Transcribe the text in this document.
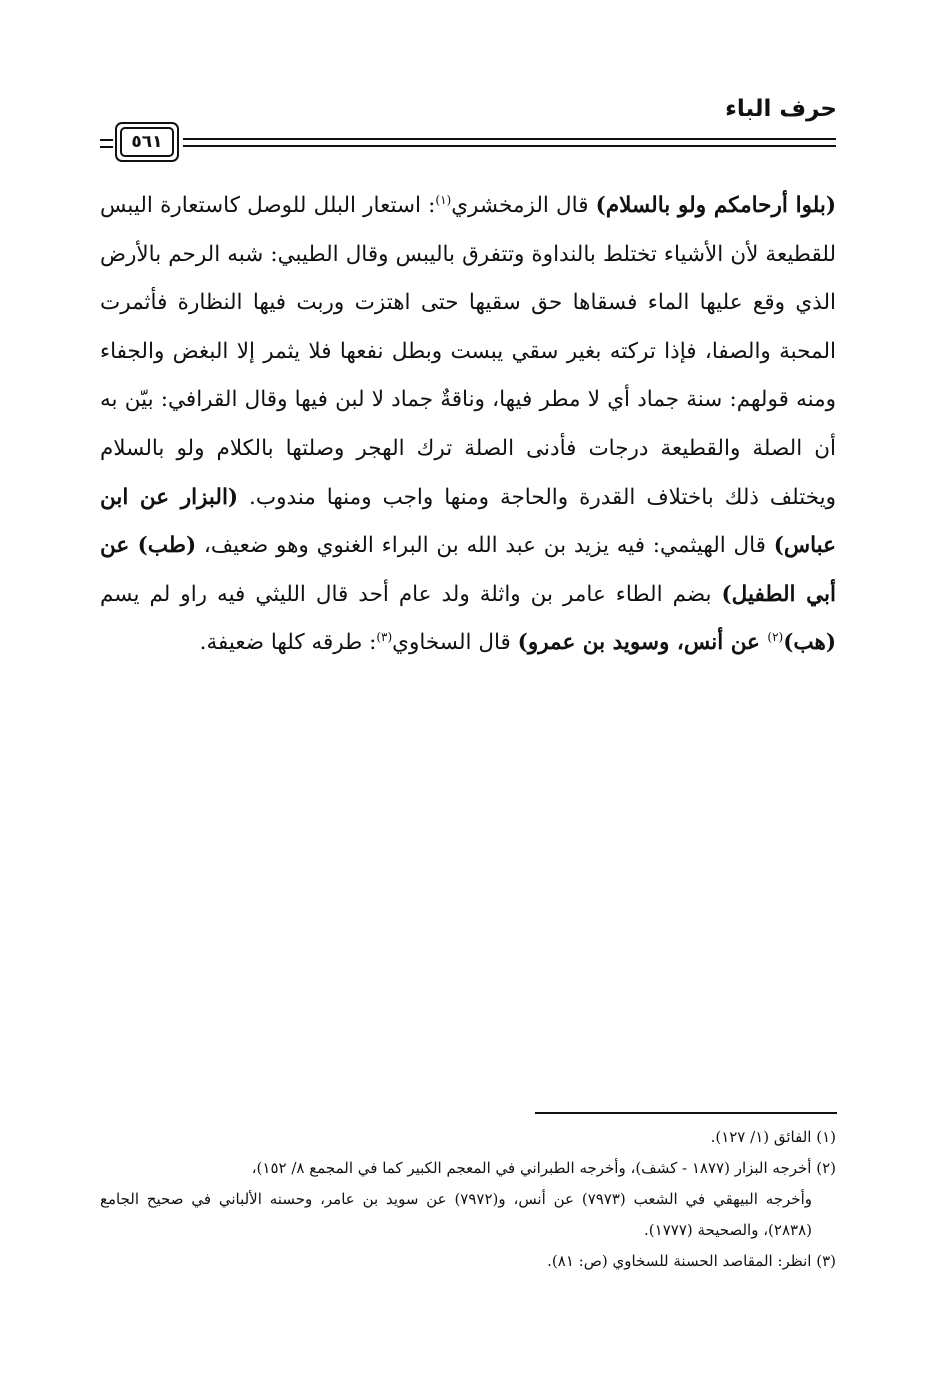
حرف الباء
٥٦١
(بلوا أرحامكم ولو بالسلام) قال الزمخشري$^{(١)}$: استعار البلل للوصل كاستعارة اليبس للقطيعة لأن الأشياء تختلط بالنداوة وتتفرق باليبس وقال الطيبي: شبه الرحم بالأرض الذي وقع عليها الماء فسقاها حق سقيها حتى اهتزت وربت فيها النظارة فأثمرت المحبة والصفا، فإذا تركته بغير سقي يبست وبطل نفعها فلا يثمر إلا البغض والجفاء ومنه قولهم: سنة جماد أي لا مطر فيها، وناقةٌ جماد لا لبن فيها وقال القرافي: بيّن به أن الصلة والقطيعة درجات فأدنى الصلة ترك الهجر وصلتها بالكلام ولو بالسلام ويختلف ذلك باختلاف القدرة والحاجة ومنها واجب ومنها مندوب. (البزار عن ابن عباس) قال الهيثمي: فيه يزيد بن عبد الله بن البراء الغنوي وهو ضعيف، (طب) عن أبي الطفيل) بضم الطاء عامر بن واثلة ولد عام أحد قال الليثي فيه راو لم يسم (هب)$^{(٢)}$ عن أنس، وسويد بن عمرو) قال السخاوي$^{(٣)}$: طرقه كلها ضعيفة.
(١) الفائق (١/ ١٢٧).
(٢) أخرجه البزار (١٨٧٧ - كشف)، وأخرجه الطبراني في المعجم الكبير كما في المجمع ٨/ ١٥٢)،
وأخرجه البيهقي في الشعب (٧٩٧٣) عن أنس، و(٧٩٧٢) عن سويد بن عامر، وحسنه الألباني في صحيح الجامع (٢٨٣٨)، والصحيحة (١٧٧٧).
(٣) انظر: المقاصد الحسنة للسخاوي (ص: ٨١).
